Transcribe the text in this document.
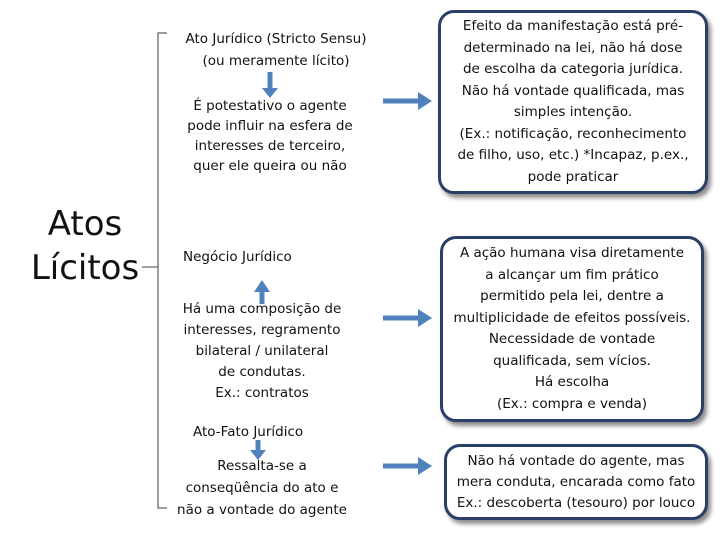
Atos
Lícitos
Ato Jurídico (Stricto Sensu)
(ou meramente lícito)
É potestativo o agente
pode influir na esfera de
interesses de terceiro,
quer ele queira ou não
Efeito da manifestação está pré-
determinado na lei, não há dose
de escolha da categoria jurídica.
Não há vontade qualificada, mas
simples intenção.
(Ex.: notificação, reconhecimento
de filho, uso, etc.) *Incapaz, p.ex.,
pode praticar
Negócio Jurídico
Há uma composição de
interesses, regramento
bilateral / unilateral
de condutas.
Ex.: contratos
A ação humana visa diretamente
a alcançar um fim prático
permitido pela lei, dentre a
multiplicidade de efeitos possíveis.
Necessidade de vontade
qualificada, sem vícios.
Há escolha
(Ex.: compra e venda)
Ato-Fato Jurídico
Ressalta-se a
conseqüência do ato e
não a vontade do agente
Não há vontade do agente, mas
mera conduta, encarada como fato
Ex.: descoberta (tesouro) por louco
